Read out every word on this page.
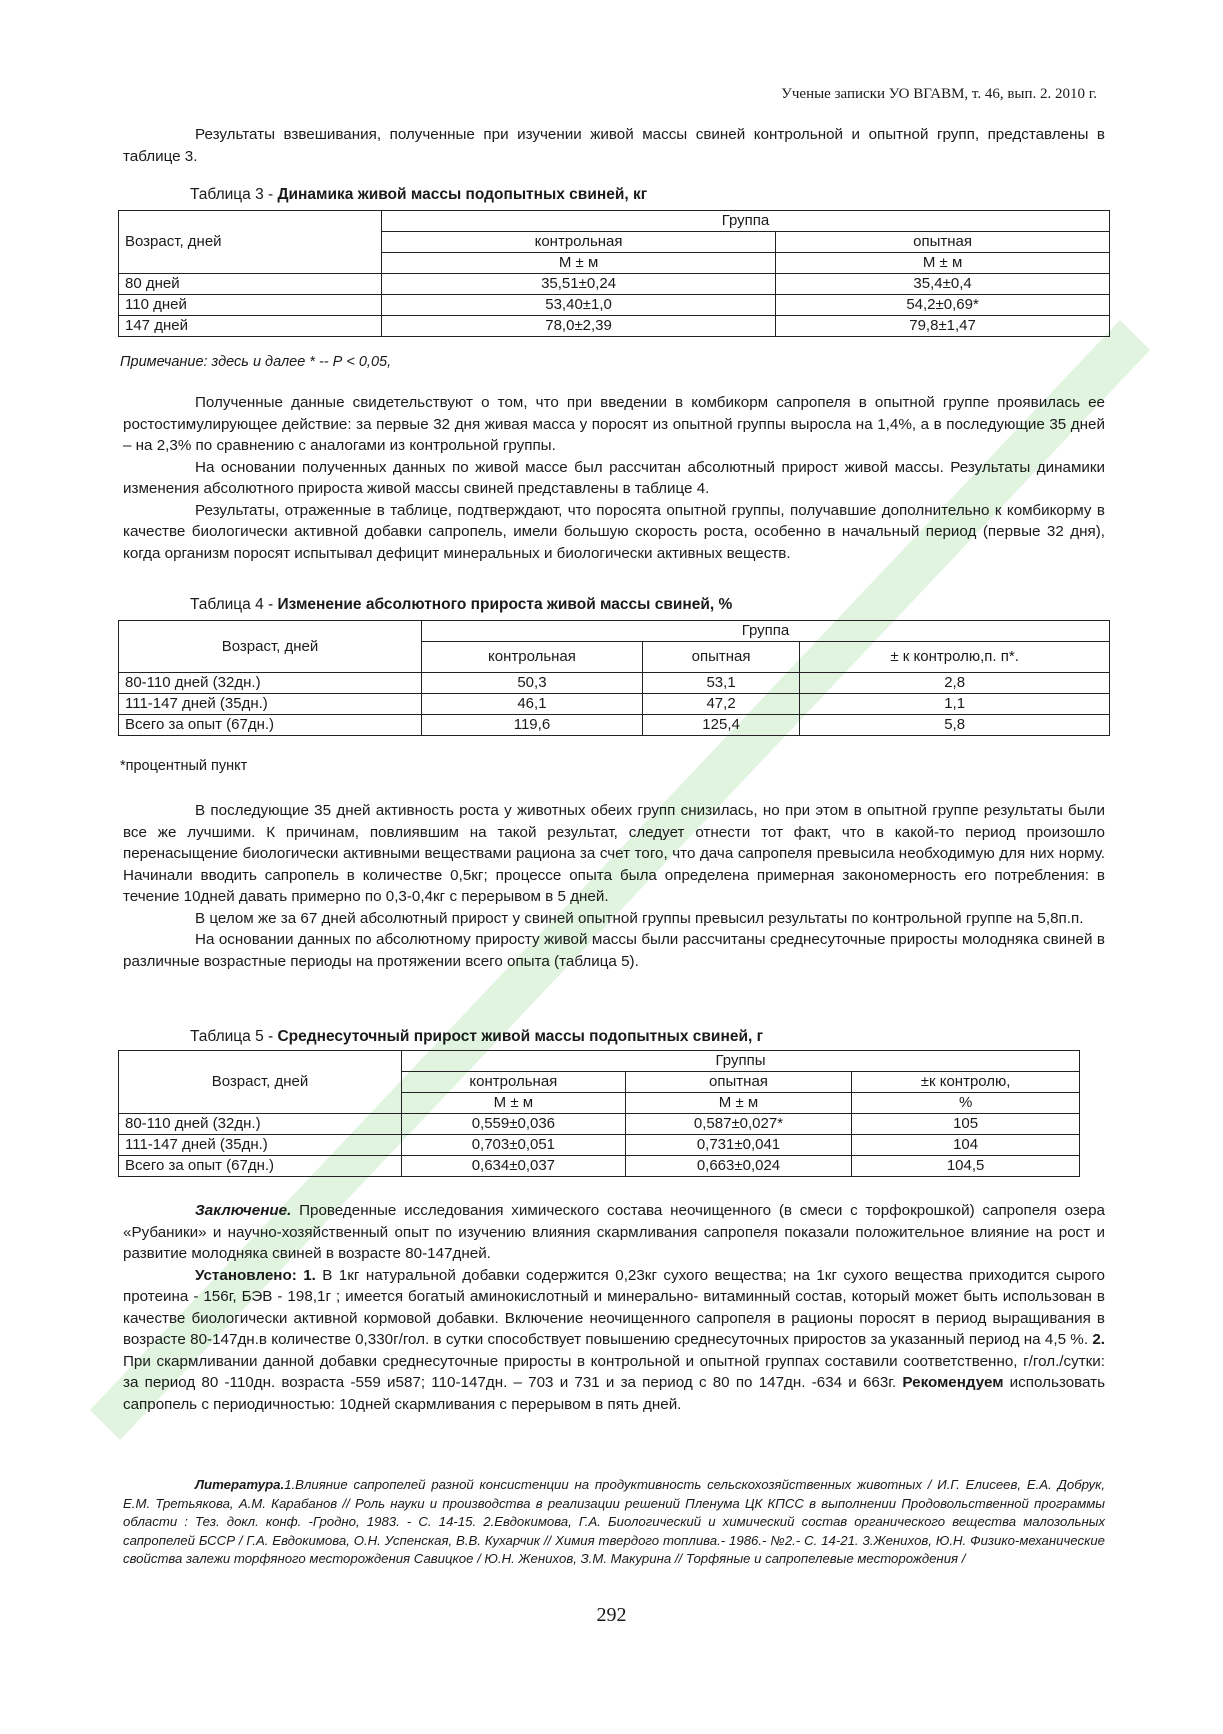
Ученые записки УО ВГАВМ, т. 46, вып. 2. 2010 г.

Результаты взвешивания, полученные при изучении живой массы свиней контрольной и опытной групп, представлены в таблице 3.

Таблица 3 - Динамика живой массы подопытных свиней, кг
Возраст, дней	Группа	
	контрольная	опытная
	М ± м	М ± м
80 дней	35,51±0,24	35,4±0,4
110 дней	53,40±1,0	54,2±0,69*
147 дней	78,0±2,39	79,8±1,47
Примечание: здесь и далее * -- Р < 0,05,

Полученные данные свидетельствуют о том, что при введении в комбикорм сапропеля в опытной группе проявилась ее ростостимулирующее действие: за первые 32 дня живая масса у поросят из опытной группы выросла на 1,4%, а в последующие 35 дней – на 2,3% по сравнению с аналогами из контрольной группы.

На основании полученных данных по живой массе был рассчитан абсолютный прирост живой массы. Результаты динамики изменения абсолютного прироста живой массы свиней представлены в таблице 4.

Результаты, отраженные в таблице, подтверждают, что поросята опытной группы, получавшие дополнительно к комбикорму в качестве биологически активной добавки сапропель, имели большую скорость роста, особенно в начальный период (первые 32 дня), когда организм поросят испытывал дефицит минеральных и биологически активных веществ.

Таблица 4 - Изменение абсолютного прироста живой массы свиней, %
Возраст, дней	Группа		
	контрольная	опытная	± к контролю,п. п*.
80-110 дней (32дн.)	50,3	53,1	2,8
111-147 дней (35дн.)	46,1	47,2	1,1
Всего за опыт (67дн.)	119,6	125,4	5,8
*процентный пункт

В последующие 35 дней активность роста у животных обеих групп снизилась, но при этом в опытной группе результаты были все же лучшими. К причинам, повлиявшим на такой результат, следует отнести тот факт, что в какой-то период произошло перенасыщение биологически активными веществами рациона за счет того, что дача сапропеля превысила необходимую для них норму. Начинали вводить сапропель в количестве 0,5кг; процессе опыта была определена примерная закономерность его потребления: в течение 10дней давать примерно по 0,3-0,4кг с перерывом в 5 дней.

В целом же за 67 дней абсолютный прирост у свиней опытной группы превысил результаты по контрольной группе на 5,8п.п.

На основании данных по абсолютному приросту живой массы были рассчитаны среднесуточные приросты молодняка свиней в различные возрастные периоды на протяжении всего опыта (таблица 5).

Таблица 5 - Среднесуточный прирост живой массы подопытных свиней, г
Возраст, дней	Группы		
	контрольная	опытная	±к контролю,
	М ± м	М ± м	%
80-110 дней (32дн.)	0,559±0,036	0,587±0,027*	105
111-147 дней (35дн.)	0,703±0,051	0,731±0,041	104
Всего за опыт (67дн.)	0,634±0,037	0,663±0,024	104,5

Заключение. Проведенные исследования химического состава неочищенного (в смеси с торфокрошкой) сапропеля озера «Рубаники» и научно-хозяйственный опыт по изучению влияния скармливания сапропеля показали положительное влияние на рост и развитие молодняка свиней в возрасте 80-147дней.

Установлено: 1. В 1кг натуральной добавки содержится 0,23кг сухого вещества; на 1кг сухого вещества приходится сырого протеина - 156г, БЭВ - 198,1г ; имеется богатый аминокислотный и минерально- витаминный состав, который может быть использован в качестве биологически активной кормовой добавки. Включение неочищенного сапропеля в рационы поросят в период выращивания в возрасте 80-147дн.в количестве 0,330г/гол. в сутки способствует повышению среднесуточных приростов за указанный период на 4,5 %. 2. При скармливании данной добавки среднесуточные приросты в контрольной и опытной группах составили соответственно, г/гол./сутки: за период 80 -110дн. возраста -559 и587; 110-147дн. – 703 и 731 и за период с 80 по 147дн. -634 и 663г. Рекомендуем использовать сапропель с периодичностью: 10дней скармливания с перерывом в пять дней.

Литература.1.Влияние сапропелей разной консистенции на продуктивность сельскохозяйственных животных / И.Г. Елисеев, Е.А. Добрук, Е.М. Третьякова, А.М. Карабанов // Роль науки и производства в реализации решений Пленума ЦК КПСС в выполнении Продовольственной программы области : Тез. докл. конф. -Гродно, 1983. - С. 14-15. 2.Евдокимова, Г.А. Биологический и химический состав органического вещества малозольных сапропелей БССР / Г.А. Евдокимова, О.Н. Успенская, В.В. Кухарчик // Химия твердого топлива.- 1986.- №2.- С. 14-21. 3.Жениxов, Ю.Н. Физико-механические свойства залежи торфяного месторождения Савицкое / Ю.Н. Жениxов, З.М. Макурина // Торфяные и сапропелевые месторождения /
292
